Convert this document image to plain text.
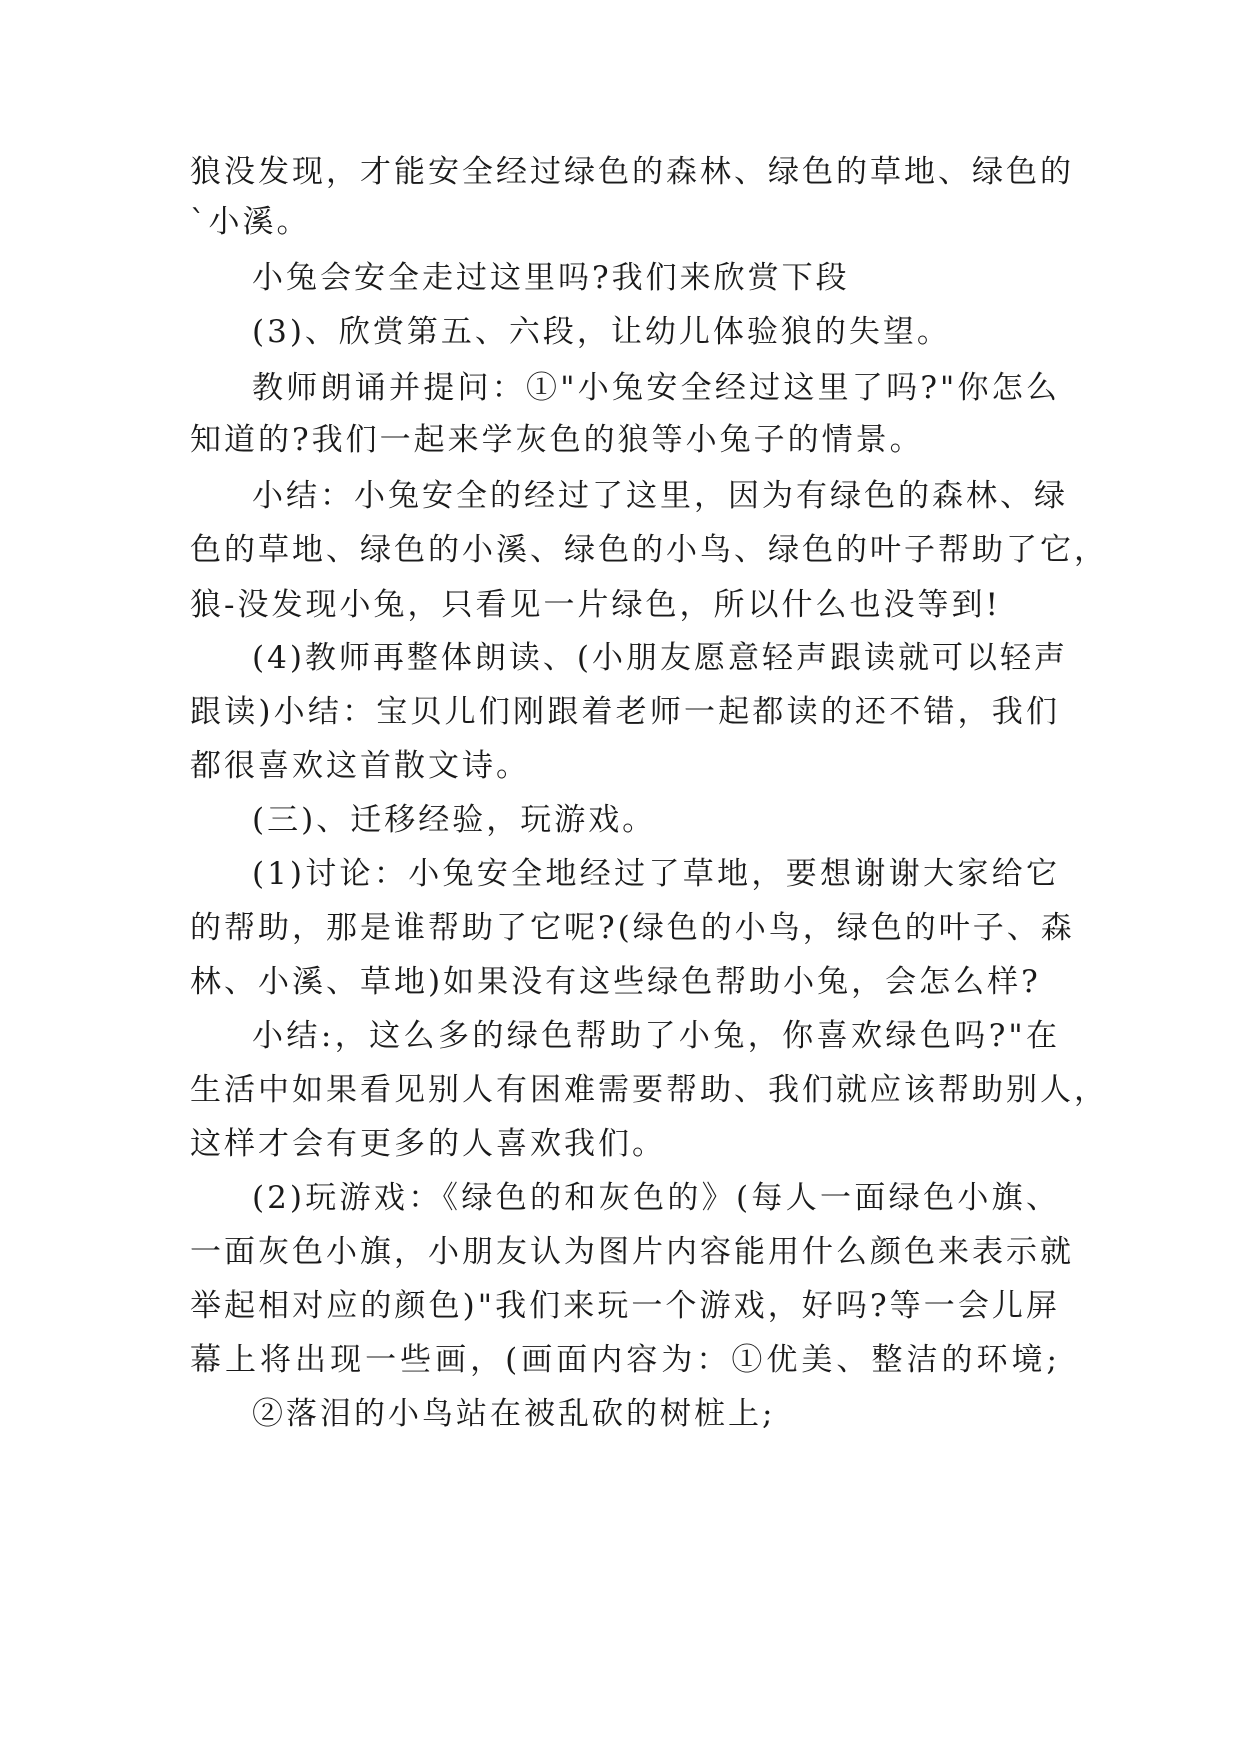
狼没发现，才能安全经过绿色的森林、绿色的草地、绿色的
`小溪。
小兔会安全走过这里吗?我们来欣赏下段
(3)、欣赏第五、六段，让幼儿体验狼的失望。
教师朗诵并提问：①"小兔安全经过这里了吗?"你怎么
知道的?我们一起来学灰色的狼等小兔子的情景。
小结：小兔安全的经过了这里，因为有绿色的森林、绿
色的草地、绿色的小溪、绿色的小鸟、绿色的叶子帮助了它，
狼-没发现小兔，只看见一片绿色，所以什么也没等到!
(4)教师再整体朗读、(小朋友愿意轻声跟读就可以轻声
跟读)小结：宝贝儿们刚跟着老师一起都读的还不错，我们
都很喜欢这首散文诗。
(三)、迁移经验，玩游戏。
(1)讨论：小兔安全地经过了草地，要想谢谢大家给它
的帮助，那是谁帮助了它呢?(绿色的小鸟，绿色的叶子、森
林、小溪、草地)如果没有这些绿色帮助小兔，会怎么样?
小结:，这么多的绿色帮助了小兔，你喜欢绿色吗?"在
生活中如果看见别人有困难需要帮助、我们就应该帮助别人，
这样才会有更多的人喜欢我们。
(2)玩游戏：《绿色的和灰色的》(每人一面绿色小旗、
一面灰色小旗，小朋友认为图片内容能用什么颜色来表示就
举起相对应的颜色)"我们来玩一个游戏，好吗?等一会儿屏
幕上将出现一些画，(画面内容为：①优美、整洁的环境;
②落泪的小鸟站在被乱砍的树桩上;
